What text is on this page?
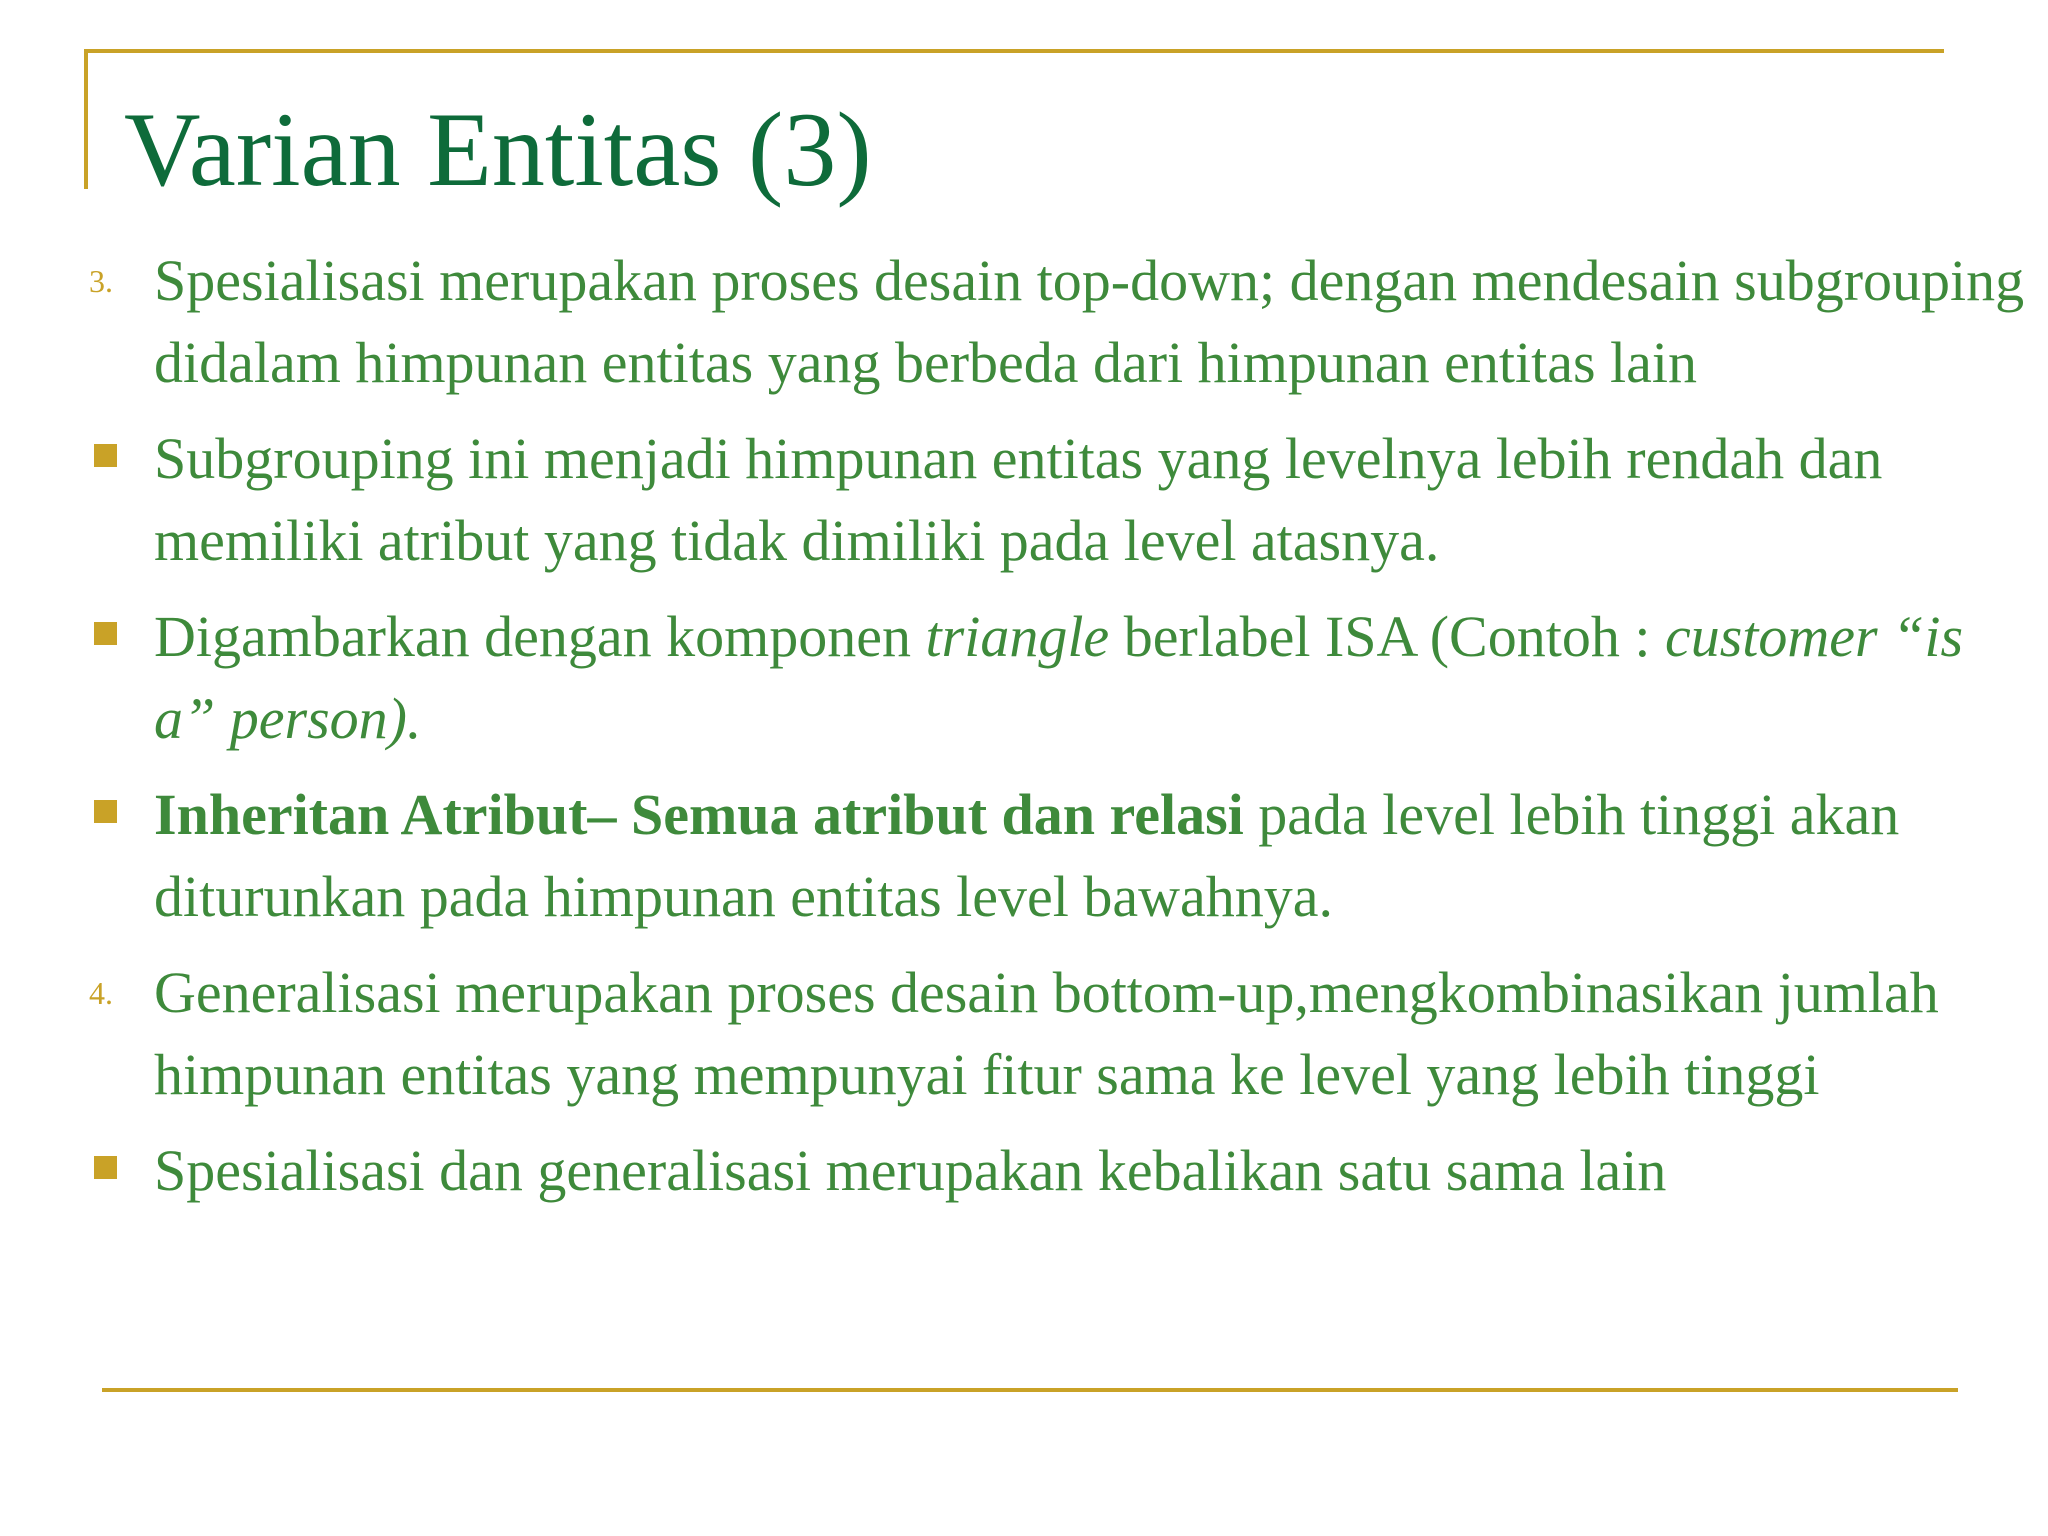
Varian Entitas (3)
3. Spesialisasi merupakan proses desain top-down; dengan mendesain subgrouping didalam himpunan entitas yang berbeda dari himpunan entitas lain
Subgrouping ini menjadi himpunan entitas yang levelnya lebih rendah dan memiliki atribut yang tidak dimiliki pada level atasnya.
Digambarkan dengan komponen triangle berlabel ISA (Contoh : customer “is a” person).
Inheritan Atribut– Semua atribut dan relasi pada level lebih tinggi akan diturunkan pada himpunan entitas level bawahnya.
4. Generalisasi merupakan proses desain bottom-up,mengkombinasikan jumlah himpunan entitas yang mempunyai fitur sama ke level yang lebih tinggi
Spesialisasi dan generalisasi merupakan kebalikan satu sama lain
